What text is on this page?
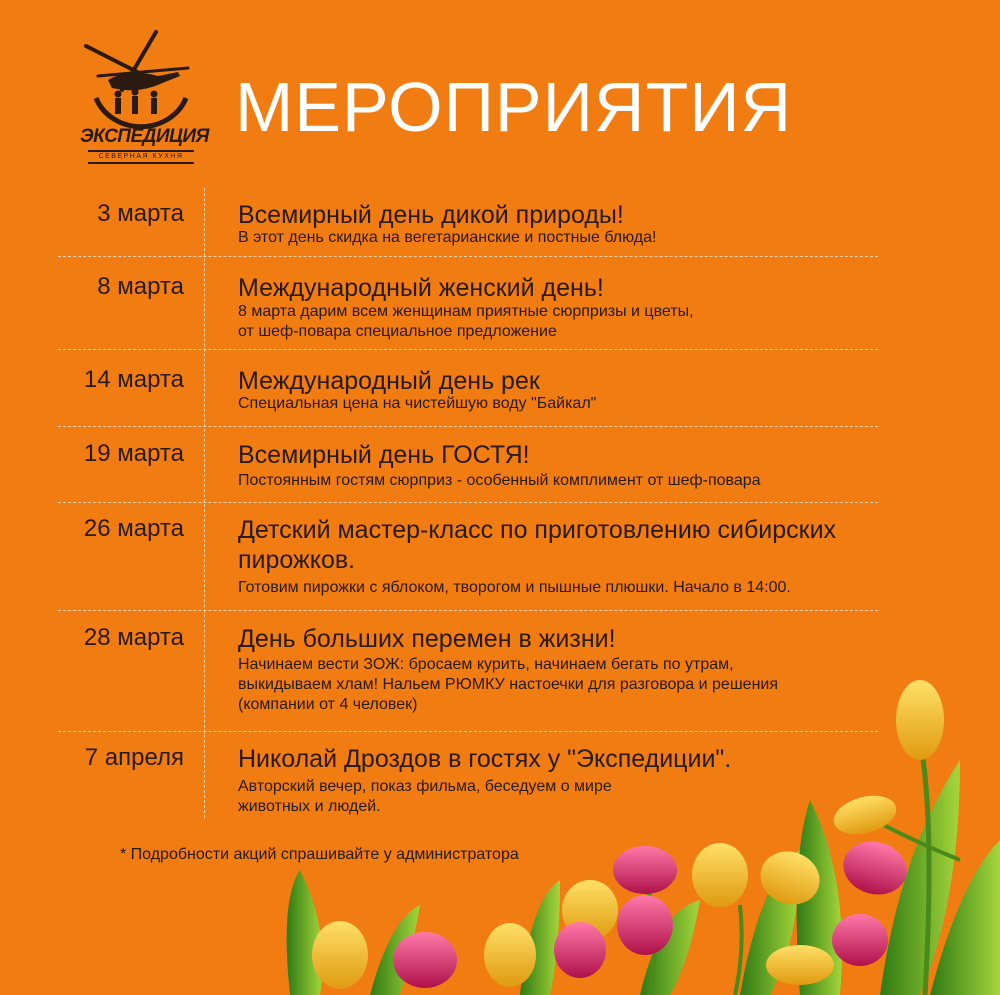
ЭКСПЕДИЦИЯ
СЕВЕРНАЯ КУХНЯ
МЕРОПРИЯТИЯ
3 марта Всемирный день дикой природы!
В этот день скидка на вегетарианские и постные блюда!
8 марта Международный женский день!
8 марта дарим всем женщинам приятные сюрпризы и цветы,
от шеф-повара специальное предложение
14 марта Международный день рек
Специальная цена на чистейшую воду "Байкал"
19 марта Всемирный день ГОСТЯ!
Постоянным гостям сюрприз - особенный комплимент от шеф-повара
26 марта Детский мастер-класс по приготовлению сибирских пирожков.
Готовим пирожки с яблоком, творогом и пышные плюшки. Начало в 14:00.
28 марта День больших перемен в жизни!
Начинаем вести ЗОЖ: бросаем курить, начинаем бегать по утрам,
выкидываем хлам! Нальем РЮМКУ настоечки для разговора и решения
(компании от 4 человек)
7 апреля Николай Дроздов в гостях у "Экспедиции".
Авторский вечер, показ фильма, беседуем о мире
животных и людей.
* Подробности акций спрашивайте у администратора
